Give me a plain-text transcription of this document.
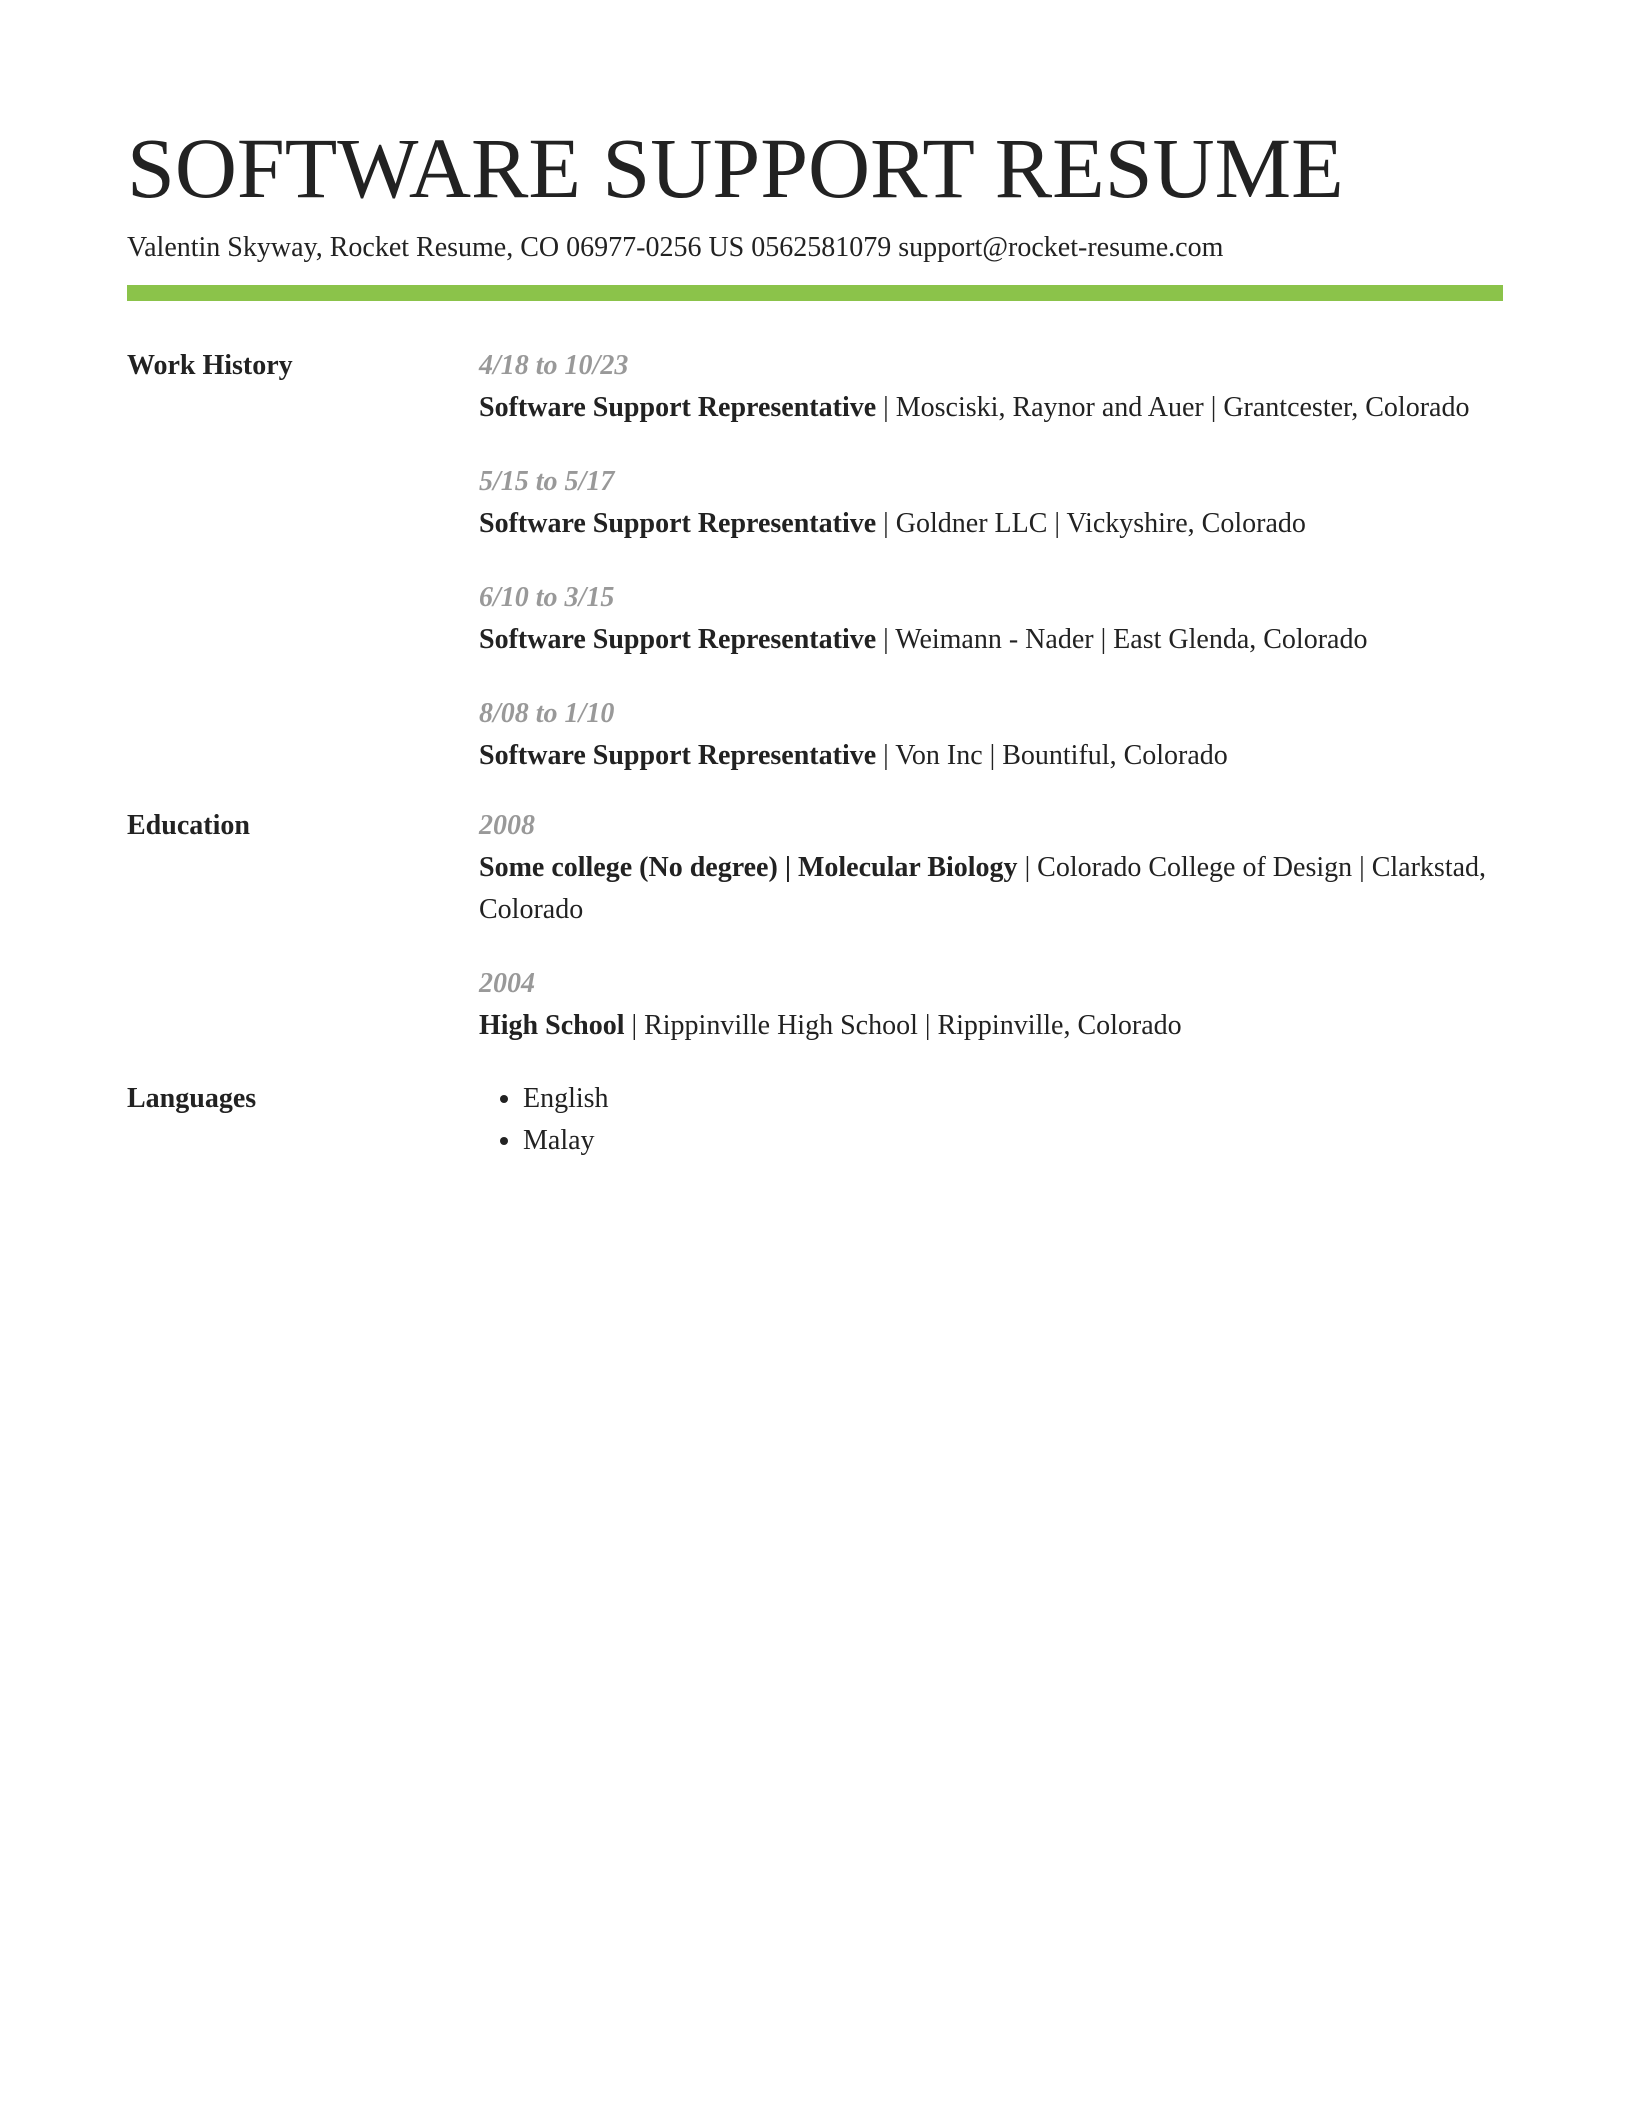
SOFTWARE SUPPORT RESUME
Valentin Skyway, Rocket Resume, CO 06977-0256 US 0562581079 support@rocket-resume.com
Work History	4/18 to 10/23
Software Support Representative | Mosciski, Raynor and Auer | Grantcester, Colorado
5/15 to 5/17
Software Support Representative | Goldner LLC | Vickyshire, Colorado
6/10 to 3/15
Software Support Representative | Weimann - Nader | East Glenda, Colorado
8/08 to 1/10
Software Support Representative | Von Inc | Bountiful, Colorado
Education	2008
Some college (No degree) | Molecular Biology | Colorado College of Design | Clarkstad, Colorado
2004
High School | Rippinville High School | Rippinville, Colorado
Languages
•	English
• Malay
